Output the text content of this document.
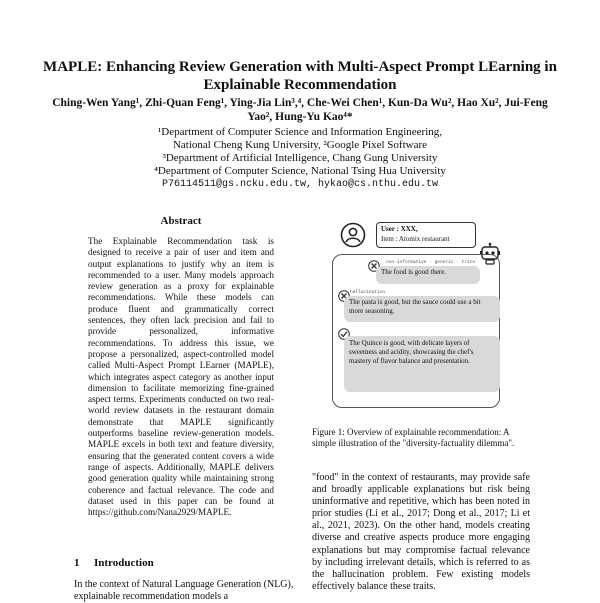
MAPLE: Enhancing Review Generation with Multi-Aspect Prompt LEarning in Explainable Recommendation
Ching-Wen Yang¹, Zhi-Quan Feng¹, Ying-Jia Lin³,⁴, Che-Wei Chen¹, Kun-Da Wu², Hao Xu², Jui-Feng Yao², Hung-Yu Kao⁴*
¹Department of Computer Science and Information Engineering,
National Cheng Kung University, ²Google Pixel Software
³Department of Artificial Intelligence, Chang Gung University
⁴Department of Computer Science, National Tsing Hua University
P76114511@gs.ncku.edu.tw, hykao@cs.nthu.edu.tw
Abstract

The Explainable Recommendation task is designed to receive a pair of user and item and output explanations to justify why an item is recommended to a user. Many models approach review generation as a proxy for explainable recommendations. While these models can produce fluent and grammatically correct sentences, they often lack precision and fail to provide personalized, informative recommendations. To address this issue, we propose a personalized, aspect-controlled model called Multi-Aspect Prompt LEarner (MAPLE), which integrates aspect category as another input dimension to facilitate memorizing fine-grained aspect terms. Experiments conducted on two real-world review datasets in the restaurant domain demonstrate that MAPLE significantly outperforms baseline review-generation models. MAPLE excels in both text and feature diversity, ensuring that the generated content covers a wide range of aspects. Additionally, MAPLE delivers good generation quality while maintaining strong coherence and factual relevance. The code and dataset used in this paper can be found at https://github.com/Nana2929/MAPLE.

1 Introduction
In the context of Natural Language Generation (NLG), explainable recommendation models a
User : XXX,
Item : Atomix restaurant
non-informative · generic · trite
The food is good there.
hallucination
The pasta is good, but the sauce could use a bit more seasoning.
The Quince is good, with delicate layers of sweetness and acidity, showcasing the chef's mastery of flavor balance and presentation.
Figure 1: Overview of explainable recommendation: A simple illustration of the "diversity-factuality dilemma".

"food" in the context of restaurants, may provide safe and broadly applicable explanations but risk being uninformative and repetitive, which has been noted in prior studies (Li et al., 2017; Dong et al., 2017; Li et al., 2021, 2023). On the other hand, models creating diverse and creative aspects produce more engaging explanations but may compromise factual relevance by including irrelevant details, which is referred to as the hallucination problem. Few existing models effectively balance these traits.
